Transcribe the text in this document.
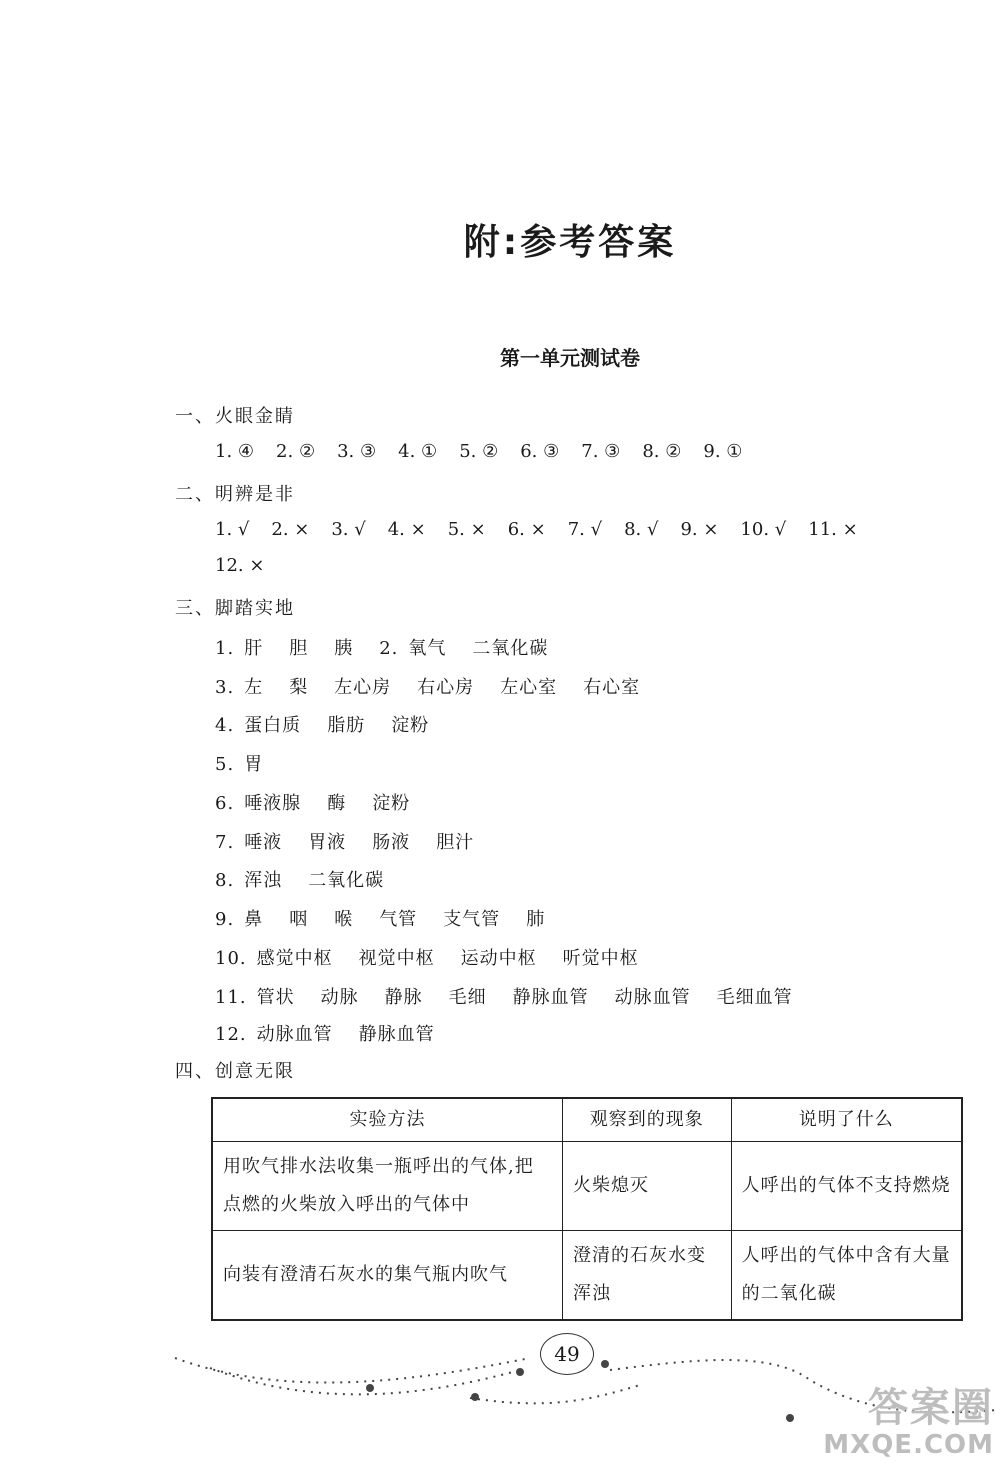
附:参考答案
第一单元测试卷
一、火眼金睛
1. ④ 2. ② 3. ③ 4. ① 5. ② 6. ③ 7. ③ 8. ② 9. ①
二、明辨是非
1. √ 2. × 3. √ 4. × 5. × 6. × 7. √ 8. √ 9. × 10. √ 11. ×
12. ×
三、脚踏实地
1. 肝 胆 胰 2. 氧气 二氧化碳
3. 左 梨 左心房 右心房 左心室 右心室
4. 蛋白质 脂肪 淀粉
5. 胃
6. 唾液腺 酶 淀粉
7. 唾液 胃液 肠液 胆汁
8. 浑浊 二氧化碳
9. 鼻 咽 喉 气管 支气管 肺
10. 感觉中枢 视觉中枢 运动中枢 听觉中枢
11. 管状 动脉 静脉 毛细 静脉血管 动脉血管 毛细血管
12. 动脉血管 静脉血管
四、创意无限
实验方法	观察到的现象	说明了什么
用吹气排水法收集一瓶呼出的气体,把点燃的火柴放入呼出的气体中	火柴熄灭	人呼出的气体不支持燃烧
向装有澄清石灰水的集气瓶内吹气	澄清的石灰水变浑浊	人呼出的气体中含有大量的二氧化碳
49
答案圈
MXQE.COM
